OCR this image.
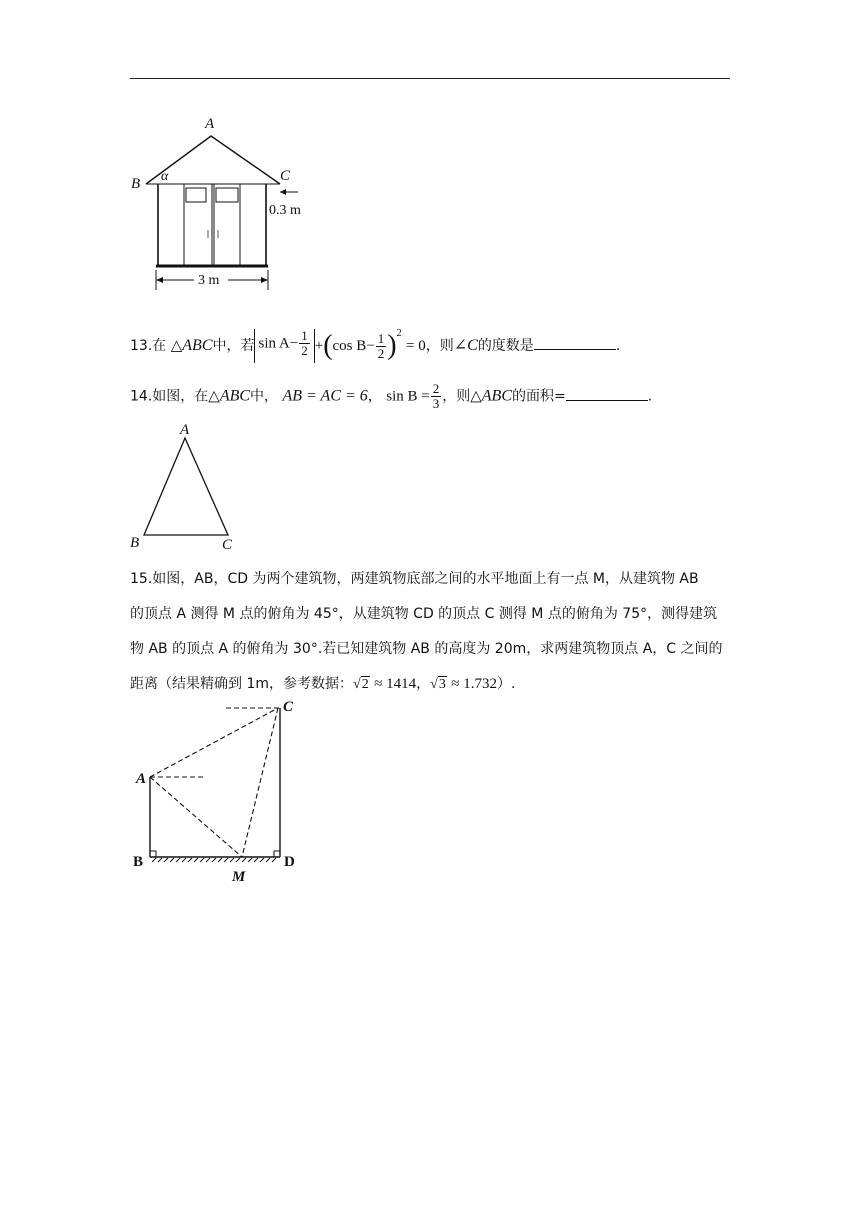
A
B	C
α
0.3 m
3 m
13.在 △ABC中，若 $\sin A- \frac{1}{2} +(\cos$ $B- \frac{1}{2} )^2 = 0$，则∠C的度数是	.
14.如图，在△ABC中， AB = AC = 6， $\sin B = \frac{2}{3}$ ，则△ABC的面积=	.
A
B	C
15.如图，AB，CD 为两个建筑物，两建筑物底部之间的水平地面上有一点 M，从建筑物 AB
的顶点 A 测得 M 点的俯角为 45°，从建筑物 CD 的顶点 C 测得 M 点的俯角为 75°，测得建筑
物 AB 的顶点 A 的俯角为 30°.若已知建筑物 AB 的高度为 20m，求两建筑物顶点 A，C 之间的
距离（结果精确到 1m，参考数据：√2 ≈ 1414，√3 ≈ 1.732）.
A
B
C
D
M
